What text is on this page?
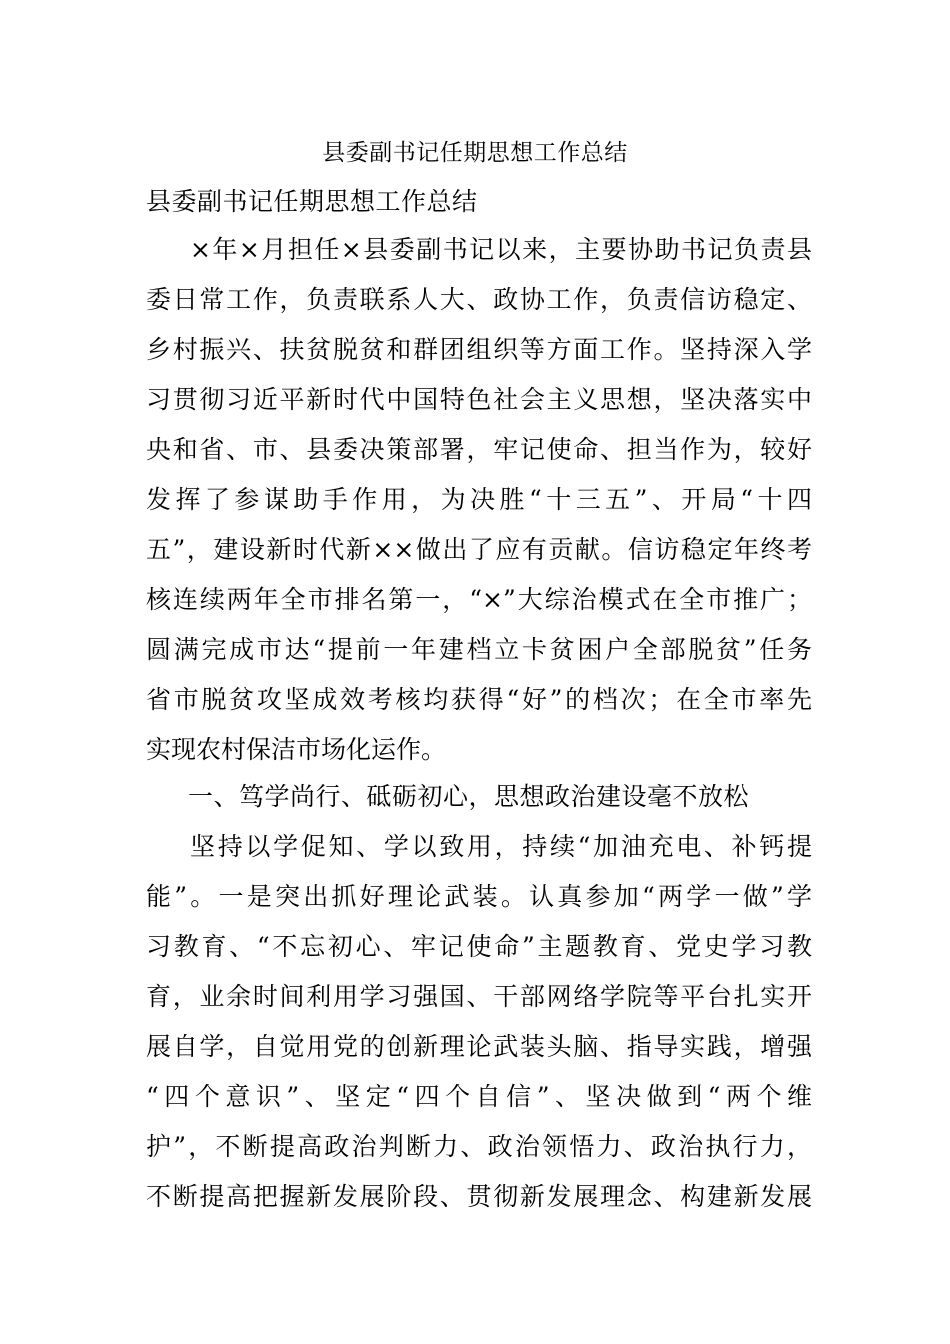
县委副书记任期思想工作总结
县委副书记任期思想工作总结
×年×月担任×县委副书记以来，主要协助书记负责县
委日常工作，负责联系人大、政协工作，负责信访稳定、
乡村振兴、扶贫脱贫和群团组织等方面工作。坚持深入学
习贯彻习近平新时代中国特色社会主义思想，坚决落实中
央和省、市、县委决策部署，牢记使命、担当作为，较好
发挥了参谋助手作用，为决胜“十三五”、开局“十四
五”，建设新时代新××做出了应有贡献。信访稳定年终考
核连续两年全市排名第一，“×”大综治模式在全市推广；
圆满完成市达“提前一年建档立卡贫困户全部脱贫”任务
省市脱贫攻坚成效考核均获得“好”的档次；在全市率先
实现农村保洁市场化运作。
一、笃学尚行、砥砺初心，思想政治建设毫不放松
坚持以学促知、学以致用，持续“加油充电、补钙提
能”。一是突出抓好理论武装。认真参加“两学一做”学
习教育、“不忘初心、牢记使命”主题教育、党史学习教
育，业余时间利用学习强国、干部网络学院等平台扎实开
展自学，自觉用党的创新理论武装头脑、指导实践，增强
“四个意识”、坚定“四个自信”、坚决做到“两个维
护”，不断提高政治判断力、政治领悟力、政治执行力，
不断提高把握新发展阶段、贯彻新发展理念、构建新发展
